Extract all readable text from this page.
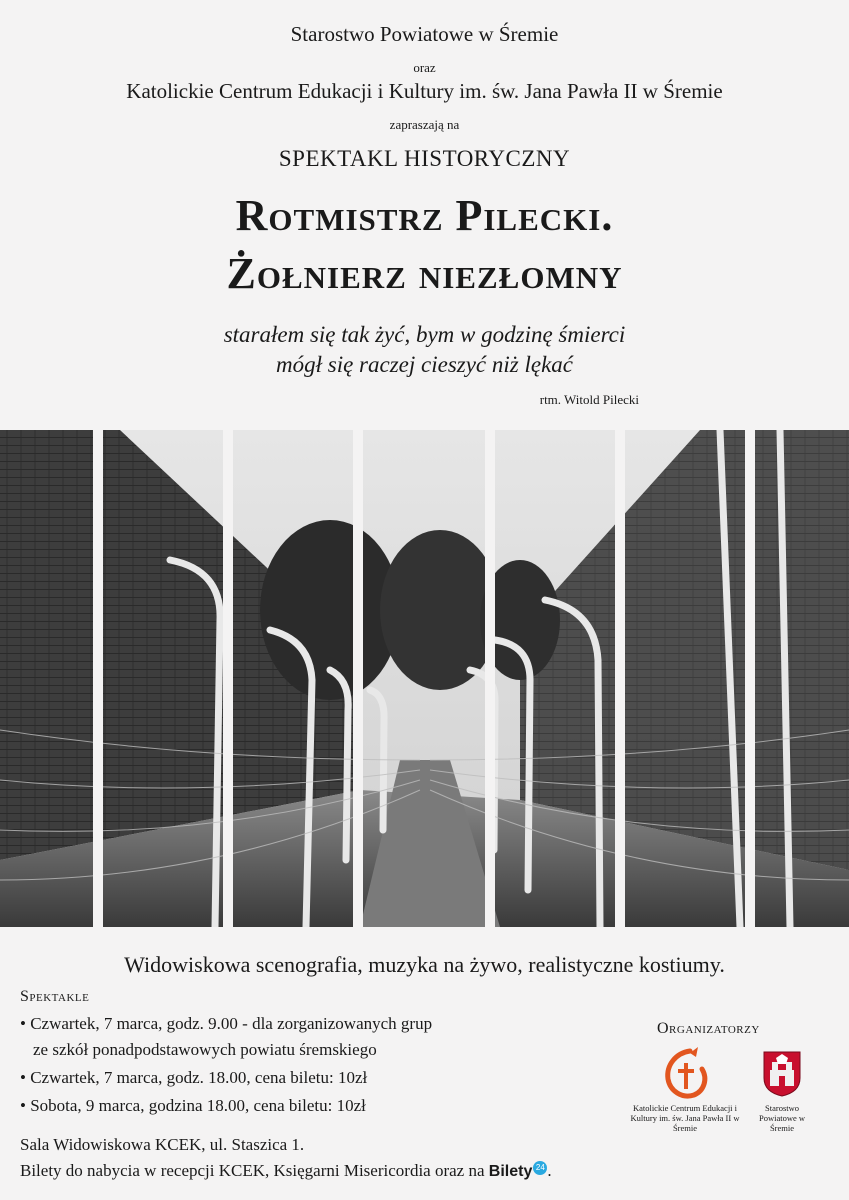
Starostwo Powiatowe w Śremie
oraz
Katolickie Centrum Edukacji i Kultury im. św. Jana Pawła II w Śremie
zapraszają na
SPEKTAKL HISTORYCZNY
Rotmistrz Pilecki.
Żołnierz niezłomny
starałem się tak żyć, bym w godzinę śmierci
mógł się raczej cieszyć niż lękać
rtm. Witold Pilecki
Widowiskowa scenografia, muzyka na żywo, realistyczne kostiumy.
Spektakle
• Czwartek, 7 marca, godz. 9.00 - dla zorganizowanych grup
ze szkół ponadpodstawowych powiatu śremskiego
• Czwartek, 7 marca, godz. 18.00, cena biletu: 10zł
• Sobota, 9 marca, godzina 18.00, cena biletu: 10zł
Sala Widowiskowa KCEK, ul. Staszica 1.
Bilety do nabycia w recepcji KCEK, Księgarni Misericordia oraz na Bilety 24 .
Organizatorzy
Katolickie Centrum Edukacji i Kultury im. św. Jana Pawła II w Śremie
Starostwo Powiatowe w Śremie
